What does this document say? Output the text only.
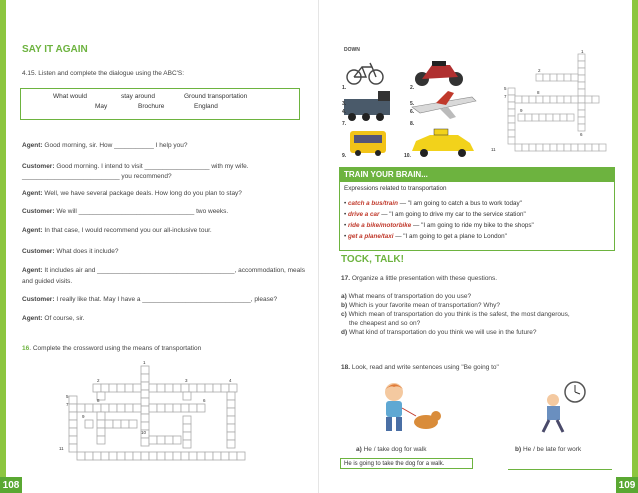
SAY IT AGAIN
4.15. Listen and complete the dialogue using the ABC'S:
What would	stay around	Ground transportation
May	Brochure	England
Agent: Good morning, sir. How ___________ I help you?
Customer: Good morning. I intend to visit __________________ with my wife.
___________________________ you recommend?
Agent: Well, we have several package deals. How long do you plan to stay?
Customer: We will ________________________________ two weeks.
Agent: In that case, I would recommend you our all-inclusive tour.
Customer: What does it include?
Agent: It includes air and ______________________________________, accommodation, meals
and guided visits.
Customer: I really like that. May I have a ______________________________, please?
Agent: Of course, sir.
16. Complete the crossword using the means of transportation
1
2	3	4
5
6
7
8
9
10
11
108
DOWN
1.	2.
3.
4.
5.
6.
7.	8.
9.	10.
1
2
5
7
8
9
6
11
TRAIN YOUR BRAIN...
Expressions related to transportation
• catch a bus/train — "I am going to catch a bus to work today"
• drive a car — "I am going to drive my car to the service station"
• ride a bike/motorbike — "I am going to ride my bike to the shops"
• get a plane/taxi — "I am going to get a plane to London"
TOCK, TALK!
17. Organize a little presentation with these questions.
a) What means of transportation do you use?
b) Which is your favorite mean of transportation? Why?
c) Which mean of transportation do you think is the safest, the most dangerous,
the cheapest and so on?
d) What kind of transportation do you think we will use in the future?
18. Look, read and write sentences using "Be going to"
a) He / take dog for walk	b) He / be late for work
He is going to take the dog for a walk.
109
